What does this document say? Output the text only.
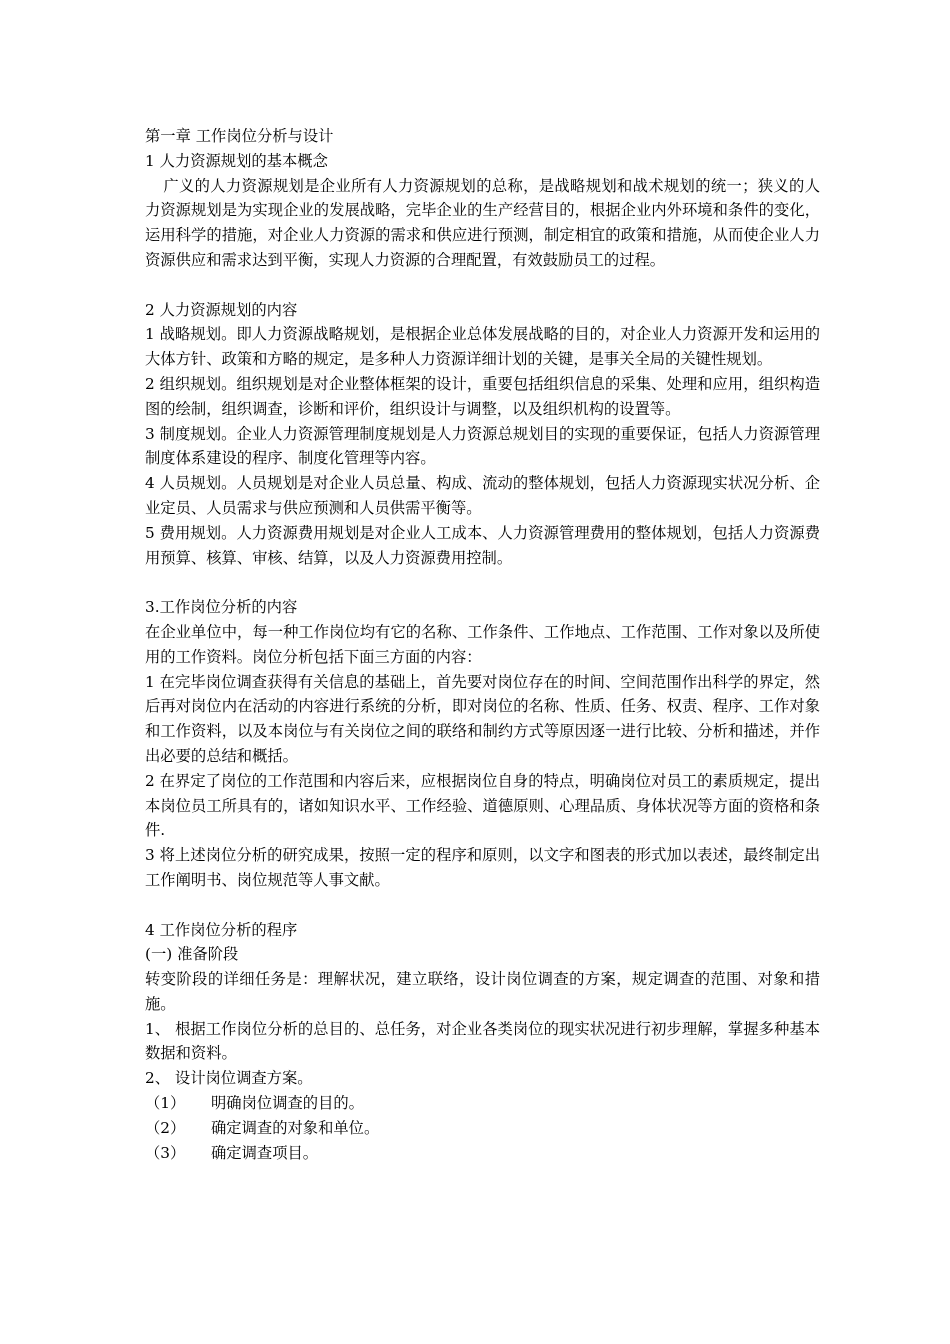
第一章 工作岗位分析与设计
1 人力资源规划的基本概念

广义的人力资源规划是企业所有人力资源规划的总称，是战略规划和战术规划的统一；狭义的人力资源规划是为实现企业的发展战略，完毕企业的生产经营目的，根据企业内外环境和条件的变化，运用科学的措施，对企业人力资源的需求和供应进行预测，制定相宜的政策和措施，从而使企业人力资源供应和需求达到平衡，实现人力资源的合理配置，有效鼓励员工的过程。

2 人力资源规划的内容

1 战略规划。即人力资源战略规划，是根据企业总体发展战略的目的，对企业人力资源开发和运用的大体方针、政策和方略的规定，是多种人力资源详细计划的关键，是事关全局的关键性规划。

2 组织规划。组织规划是对企业整体框架的设计，重要包括组织信息的采集、处理和应用，组织构造图的绘制，组织调查，诊断和评价，组织设计与调整，以及组织机构的设置等。

3 制度规划。企业人力资源管理制度规划是人力资源总规划目的实现的重要保证，包括人力资源管理制度体系建设的程序、制度化管理等内容。

4 人员规划。人员规划是对企业人员总量、构成、流动的整体规划，包括人力资源现实状况分析、企业定员、人员需求与供应预测和人员供需平衡等。

5 费用规划。人力资源费用规划是对企业人工成本、人力资源管理费用的整体规划，包括人力资源费用预算、核算、审核、结算，以及人力资源费用控制。

3.工作岗位分析的内容

在企业单位中，每一种工作岗位均有它的名称、工作条件、工作地点、工作范围、工作对象以及所使用的工作资料。岗位分析包括下面三方面的内容：

1 在完毕岗位调查获得有关信息的基础上，首先要对岗位存在的时间、空间范围作出科学的界定，然后再对岗位内在活动的内容进行系统的分析，即对岗位的名称、性质、任务、权责、程序、工作对象和工作资料，以及本岗位与有关岗位之间的联络和制约方式等原因逐一进行比较、分析和描述，并作出必要的总结和概括。

2 在界定了岗位的工作范围和内容后来，应根据岗位自身的特点，明确岗位对员工的素质规定，提出本岗位员工所具有的，诸如知识水平、工作经验、道德原则、心理品质、身体状况等方面的资格和条件.

3 将上述岗位分析的研究成果，按照一定的程序和原则，以文字和图表的形式加以表述，最终制定出工作阐明书、岗位规范等人事文献。

4 工作岗位分析的程序
(一) 准备阶段

转变阶段的详细任务是：理解状况，建立联络，设计岗位调查的方案，规定调查的范围、对象和措施。

1、 根据工作岗位分析的总目的、总任务，对企业各类岗位的现实状况进行初步理解，掌握多种基本数据和资料。

2、 设计岗位调查方案。
（1）	明确岗位调查的目的。
（2）	确定调查的对象和单位。
（3）	确定调查项目。
